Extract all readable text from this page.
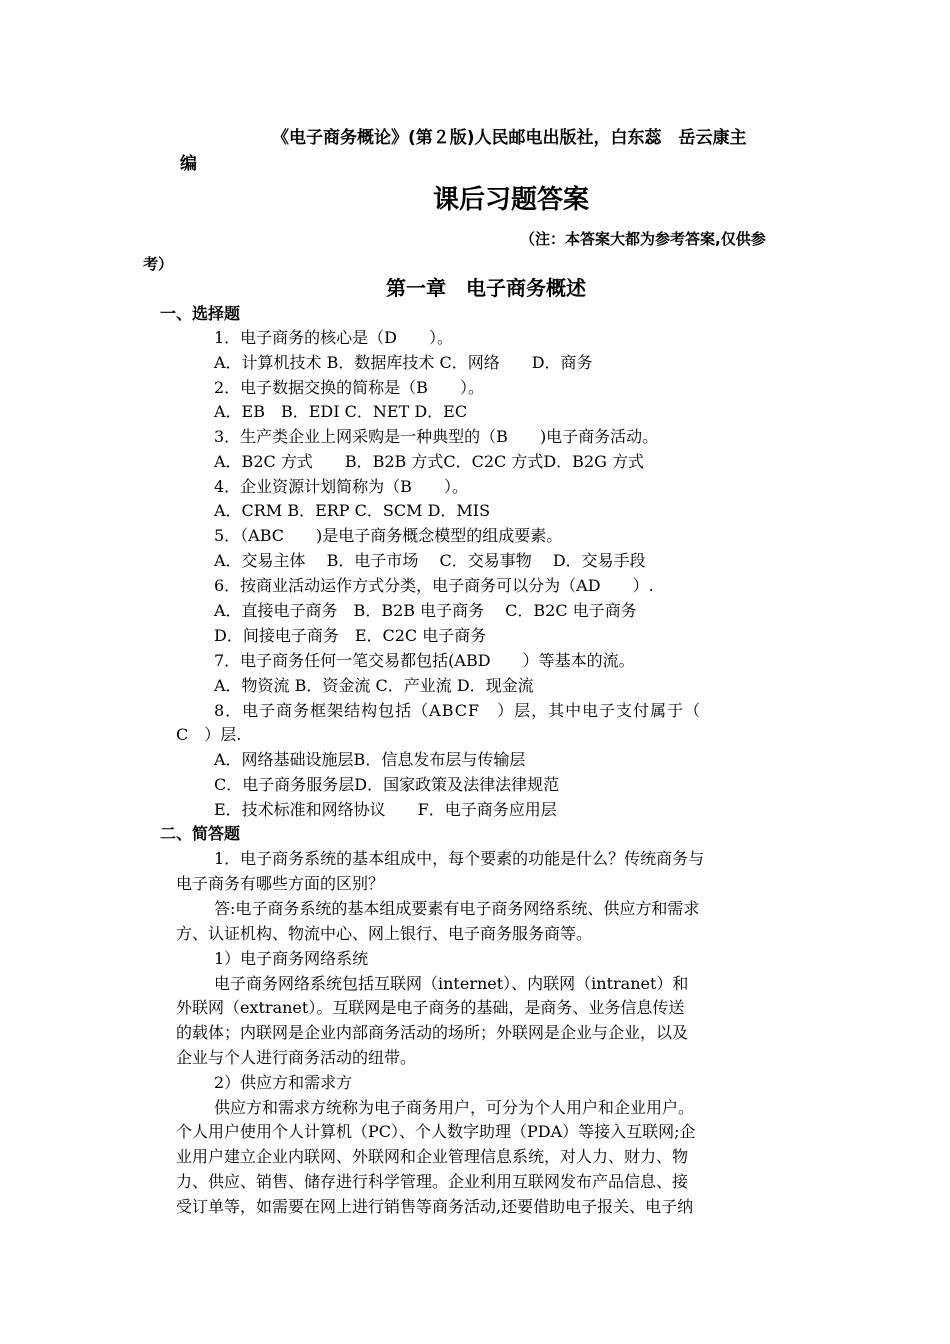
《电子商务概论》(第２版)人民邮电出版社，白东蕊　岳云康主
编
课后习题答案
（注：本答案大都为参考答案,仅供参
考）
第一章　电子商务概述
一、选择题
1．电子商务的核心是（D　　）。
A．计算机技术 B．数据库技术 C．网络　　D．商务
2．电子数据交换的简称是（B　　）。
A．EB　B．EDI C．NET D．EC
3．生产类企业上网采购是一种典型的（B　　)电子商务活动。
A．B2C 方式　　B．B2B 方式C．C2C 方式D．B2G 方式
4．企业资源计划简称为（B　　）。
A．CRM B．ERP C．SCM D．MIS
5．（ABC　　)是电子商务概念模型的组成要素。
A．交易主体　 B．电子市场　 C．交易事物　 D．交易手段
6．按商业活动运作方式分类，电子商务可以分为（AD　　）.
A．直接电子商务　B．B2B 电子商务　 C．B2C 电子商务
D．间接电子商务　E．C2C 电子商务
7．电子商务任何一笔交易都包括(ABD　　）等基本的流。
A．物资流 B．资金流 C．产业流 D．现金流
8．电子商务框架结构包括（ABCF　）层，其中电子支付属于（
C　）层.
A．网络基础设施层B．信息发布层与传输层
C．电子商务服务层D．国家政策及法律法律规范
E．技术标准和网络协议　　F．电子商务应用层
二、简答题
1．电子商务系统的基本组成中，每个要素的功能是什么？传统商务与
电子商务有哪些方面的区别？
答:电子商务系统的基本组成要素有电子商务网络系统、供应方和需求
方、认证机构、物流中心、网上银行、电子商务服务商等。
1）电子商务网络系统
电子商务网络系统包括互联网（internet）、内联网（intranet）和
外联网（extranet）。互联网是电子商务的基础，是商务、业务信息传送
的载体；内联网是企业内部商务活动的场所；外联网是企业与企业，以及
企业与个人进行商务活动的纽带。
2）供应方和需求方
供应方和需求方统称为电子商务用户，可分为个人用户和企业用户。
个人用户使用个人计算机（PC）、个人数字助理（PDA）等接入互联网;企
业用户建立企业内联网、外联网和企业管理信息系统，对人力、财力、物
力、供应、销售、储存进行科学管理。企业利用互联网发布产品信息、接
受订单等，如需要在网上进行销售等商务活动,还要借助电子报关、电子纳
